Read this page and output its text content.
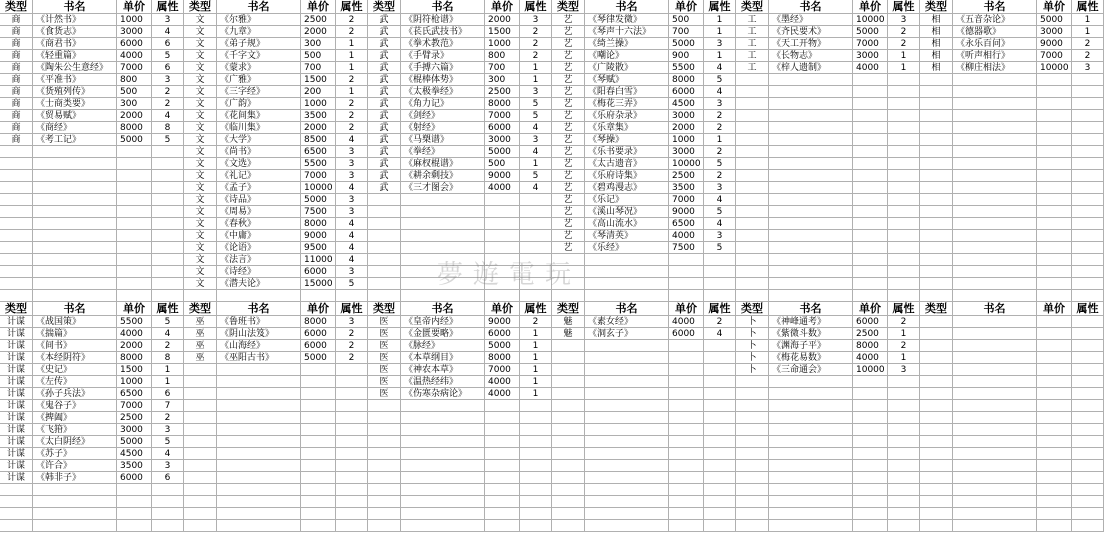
类型	书名	单价	属性
商	《计然书》	1000	3
商	《食货志》	3000	4
商	《商君书》	6000	6
商	《轻重篇》	4000	5
商	《陶朱公生意经》	7000	6
商	《平准书》	800	3
商	《货殖列传》	500	2
商	《士商类要》	300	2
商	《贸易赋》	2000	4
商	《商经》	8000	8
商	《考工记》	5000	5
类型	书名	单价	属性
文	《尔雅》	2500	2
文	《九章》	2000	2
文	《弟子规》	300	1
文	《千字文》	500	1
文	《蒙求》	700	1
文	《广雅》	1500	2
文	《三字经》	200	1
文	《广韵》	1000	2
文	《花间集》	3500	2
文	《临川集》	2000	2
文	《大学》	8500	4
文	《尚书》	6500	3
文	《文选》	5500	3
文	《礼记》	7000	3
文	《孟子》	10000	4
文	《诗品》	5000	3
文	《周易》	7500	3
文	《春秋》	8000	4
文	《中庸》	9000	4
文	《论语》	9500	4
文	《法言》	11000	4
文	《诗经》	6000	3
文	《潜夫论》	15000	5
类型	书名	单价	属性
武	《阴符枪谱》	2000	3
武	《苌氏武技书》	1500	2
武	《拳术教范》	1000	2
武	《手臂录》	800	2
武	《手搏六篇》	700	1
武	《棍棒体势》	300	1
武	《太极拳经》	2500	3
武	《角力记》	8000	5
武	《剑经》	7000	5
武	《射经》	6000	4
武	《马槊谱》	3000	3
武	《拳经》	5000	4
武	《麻杈棍谱》	500	1
武	《耕余剩技》	9000	5
武	《三才图会》	4000	4
类型	书名	单价	属性
艺	《琴律发微》	500	1
艺	《琴声十六法》	700	1
艺	《绮兰操》	5000	3
艺	《嘲论》	900	1
艺	《广陵散》	5500	4
艺	《琴赋》	8000	5
艺	《阳春白雪》	6000	4
艺	《梅花三弄》	4500	3
艺	《乐府杂录》	3000	2
艺	《乐章集》	2000	2
艺	《琴操》	1000	1
艺	《乐书要录》	3000	2
艺	《太古遗音》	10000	5
艺	《乐府诗集》	2500	2
艺	《碧鸡漫志》	3500	3
艺	《乐记》	7000	4
艺	《溪山琴况》	9000	5
艺	《高山流水》	6500	4
艺	《琴清英》	4000	3
艺	《乐经》	7500	5
类型	书名	单价	属性
工	《墨经》	10000	3
工	《齐民要术》	5000	2
工	《天工开物》	7000	2
工	《长物志》	3000	1
工	《梓人遗制》	4000	1
类型	书名	单价	属性
相	《五音杂论》	5000	1
相	《德器歌》	3000	1
相	《永乐百问》	9000	2
相	《听声相行》	7000	2
相	《柳庄相法》	10000	3
类型	书名	单价	属性
计谋	《战国策》	5500	5
计谋	《揣篇》	4000	4
计谋	《间书》	2000	2
计谋	《本经阴符》	8000	8
计谋	《史记》	1500	1
计谋	《左传》	1000	1
计谋	《孙子兵法》	6500	6
计谋	《鬼谷子》	7000	7
计谋	《捭阖》	2500	2
计谋	《飞箝》	3000	3
计谋	《太白阴经》	5000	5
计谋	《苏子》	4500	4
计谋	《许合》	3500	3
计谋	《韩非子》	6000	6
类型	书名	单价	属性
巫	《鲁班书》	8000	3
巫	《阴山法笈》	6000	2
巫	《山海经》	6000	2
巫	《巫阳古书》	5000	2
类型	书名	单价	属性
医	《皇帝内经》	9000	2
医	《金匮要略》	6000	1
医	《脉经》	5000	1
医	《本草纲目》	8000	1
医	《神农本草》	7000	1
医	《温热经纬》	4000	1
医	《伤寒杂病论》	4000	1
类型	书名	单价	属性
魅	《素女经》	4000	2
魅	《洞玄子》	6000	4
类型	书名	单价	属性
卜	《神峰通考》	6000	2
卜	《紫微斗数》	2500	1
卜	《渊海子平》	8000	2
卜	《梅花易数》	4000	1
卜	《三命通会》	10000	3
类型	书名	单价	属性
夢遊電玩
